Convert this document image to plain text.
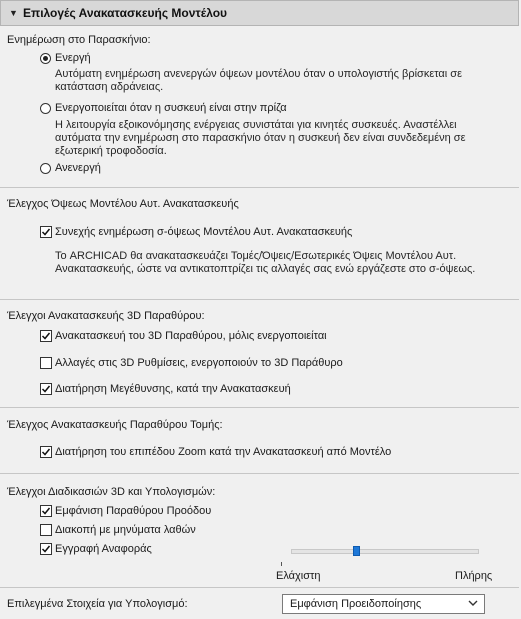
▼ Επιλογές Ανακατασκευής Μοντέλου
Ενημέρωση στο Παρασκήνιο:
Ενεργή
Αυτόματη ενημέρωση ανενεργών όψεων μοντέλου όταν ο υπολογιστής βρίσκεται σε
κατάσταση αδράνειας.
Ενεργοποιείται όταν η συσκευή είναι στην πρίζα
Η λειτουργία εξοικονόμησης ενέργειας συνιστάται για κινητές συσκευές. Αναστέλλει
αυτόματα την ενημέρωση στο παρασκήνιο όταν η συσκευή δεν είναι συνδεδεμένη σε
εξωτερική τροφοδοσία.
Ανενεργή
Έλεγχος Όψεως Μοντέλου Αυτ. Ανακατασκευής
Συνεχής ενημέρωση σ-όψεως Μοντέλου Αυτ. Ανακατασκευής
Το ARCHICAD θα ανακατασκευάζει Τομές/Όψεις/Εσωτερικές Όψεις Μοντέλου Αυτ.
Ανακατασκευής, ώστε να αντικατοπτρίζει τις αλλαγές σας ενώ εργάζεστε στο σ-όψεως.
Έλεγχοι Ανακατασκευής 3D Παραθύρου:
Ανακατασκευή του 3D Παραθύρου, μόλις ενεργοποιείται
Αλλαγές στις 3D Ρυθμίσεις, ενεργοποιούν το 3D Παράθυρο
Διατήρηση Μεγέθυνσης, κατά την Ανακατασκευή
Έλεγχος Ανακατασκευής Παραθύρου Τομής:
Διατήρηση του επιπέδου Zoom κατά την Ανακατασκευή από Μοντέλο
Έλεγχοι Διαδικασιών 3D και Υπολογισμών:
Εμφάνιση Παραθύρου Προόδου
Διακοπή με μηνύματα λαθών
Εγγραφή Αναφοράς
Ελάχιστη	Πλήρης
Επιλεγμένα Στοιχεία για Υπολογισμό:	Εμφάνιση Προειδοποίησης
